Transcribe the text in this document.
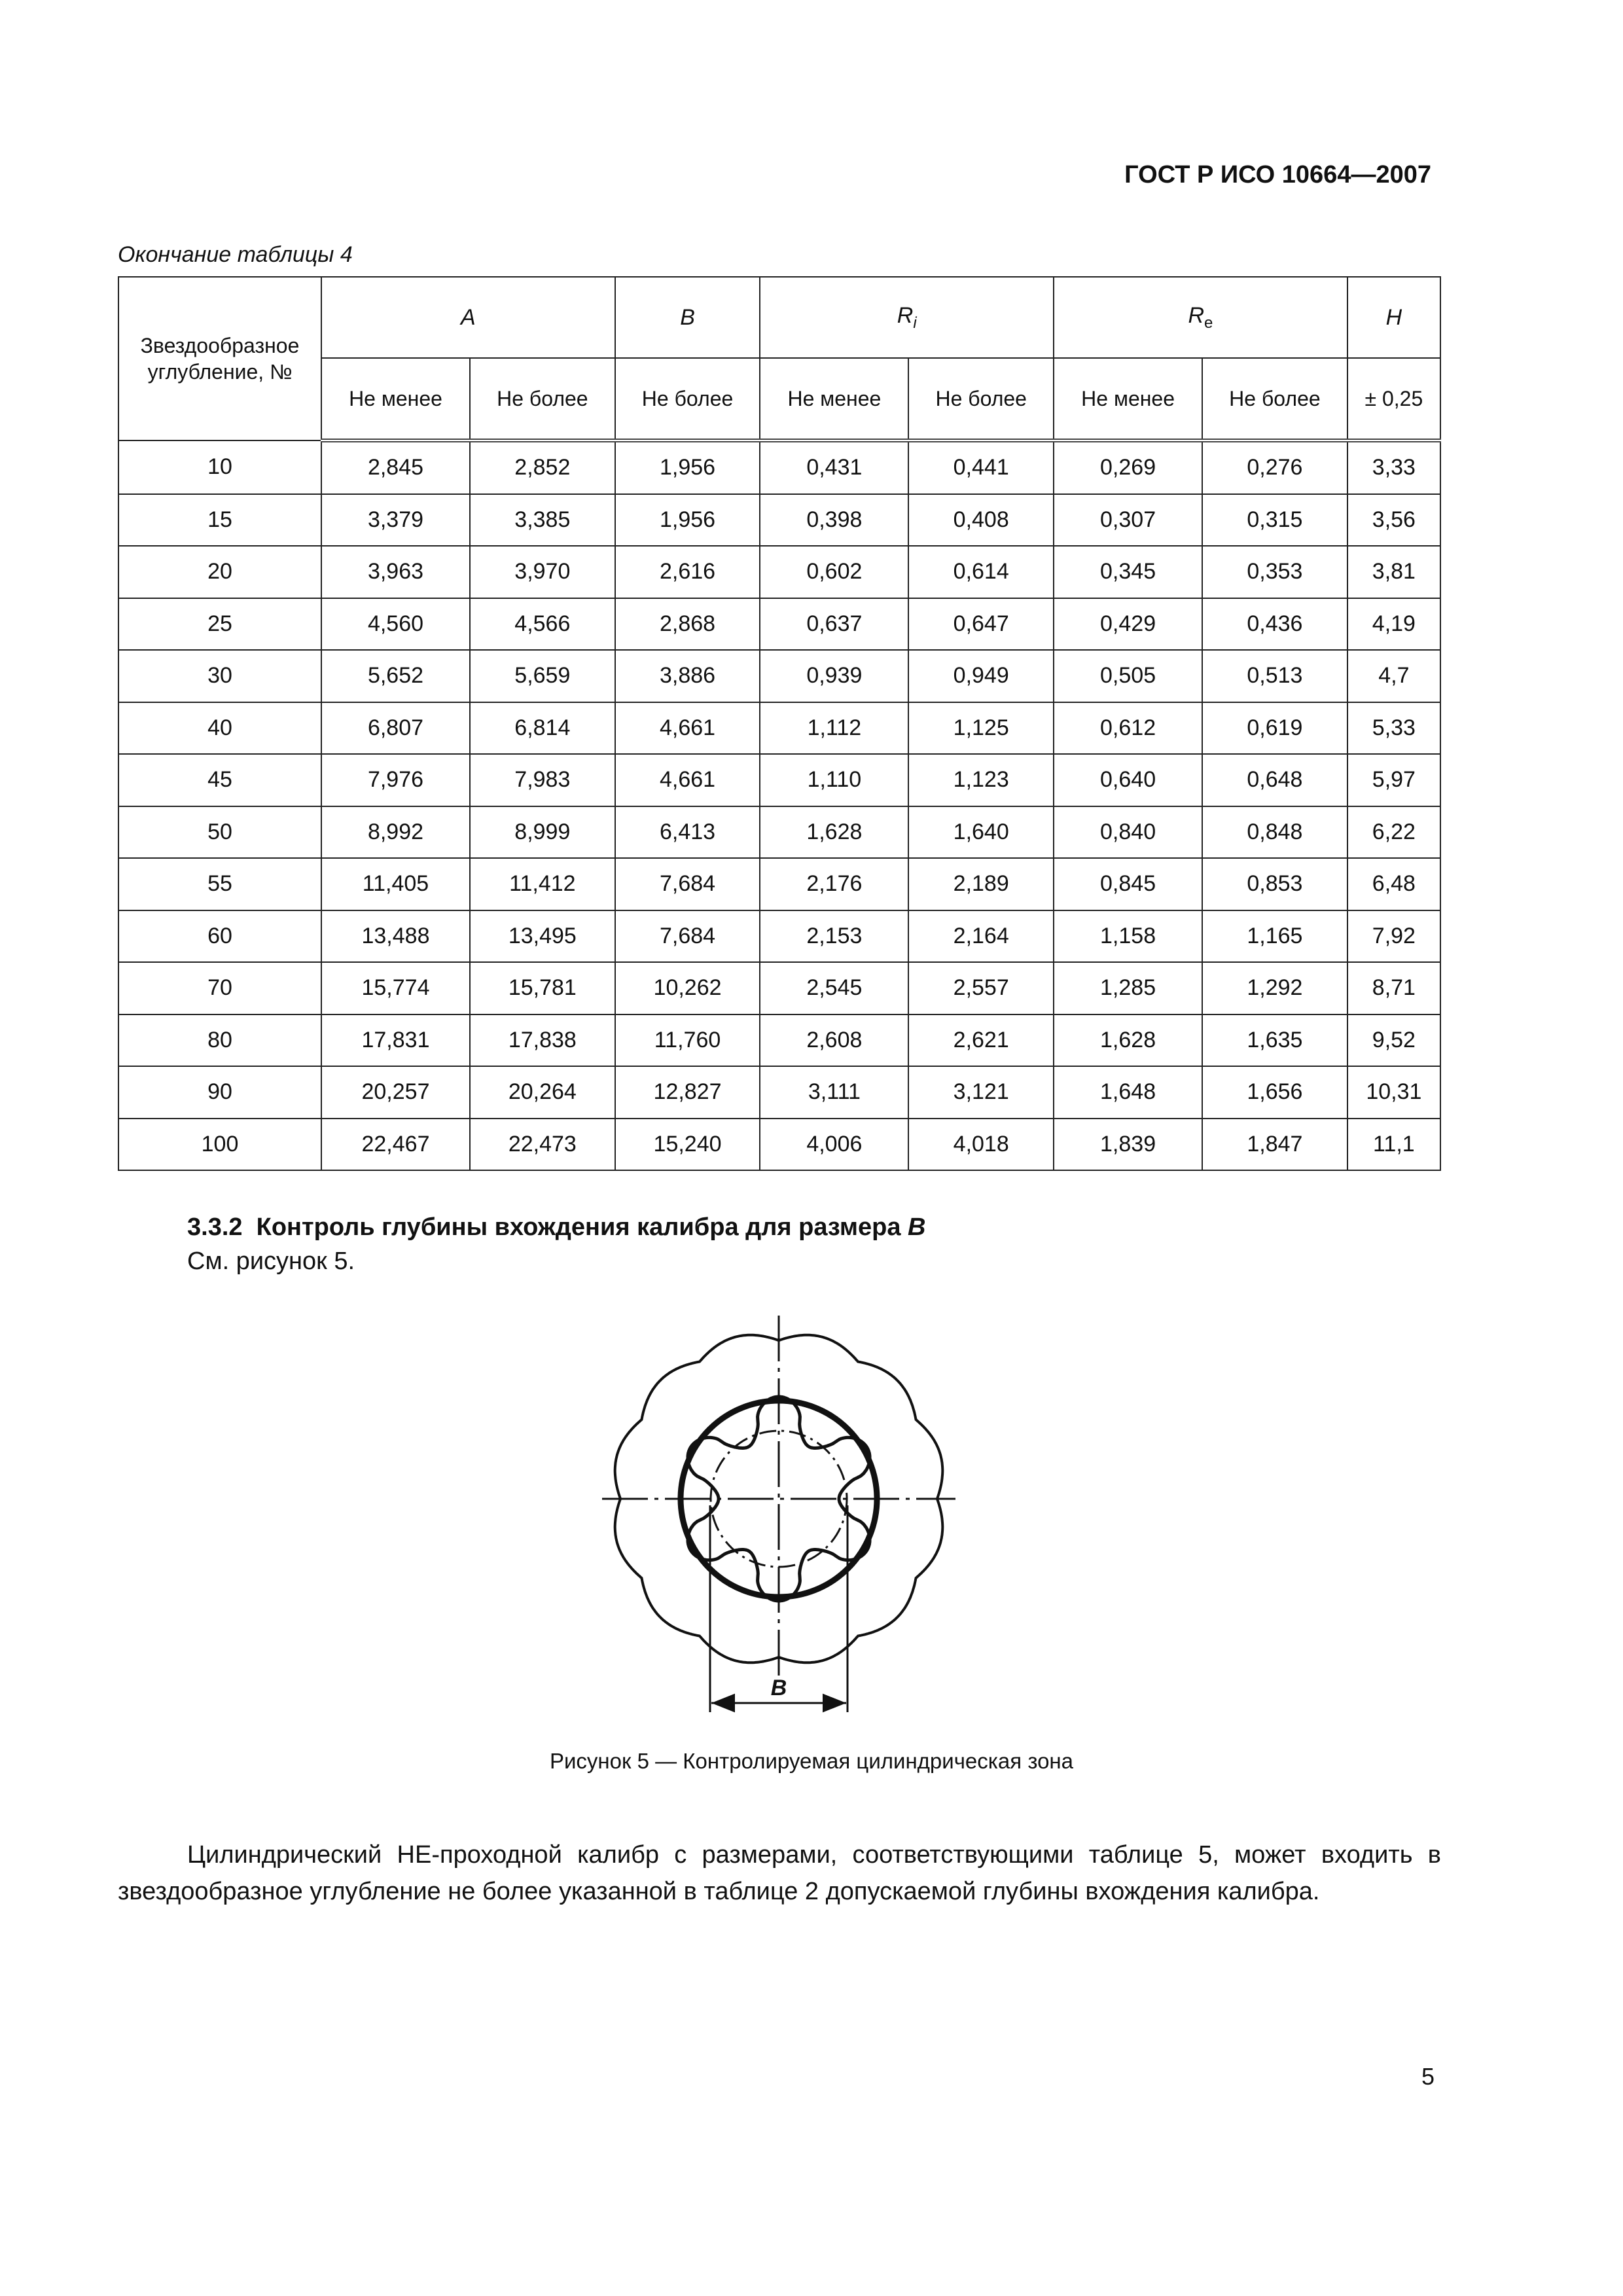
ГОСТ Р ИСО 10664—2007
Окончание таблицы 4
Звездообразное углубление, №	A		B	$R_i$		$R_e$		H
	Не менее	Не более	Не более	Не менее	Не более	Не менее	Не более	± 0,25
10	2,845	2,852	1,956	0,431	0,441	0,269	0,276	3,33
15	3,379	3,385	1,956	0,398	0,408	0,307	0,315	3,56
20	3,963	3,970	2,616	0,602	0,614	0,345	0,353	3,81
25	4,560	4,566	2,868	0,637	0,647	0,429	0,436	4,19
30	5,652	5,659	3,886	0,939	0,949	0,505	0,513	4,7
40	6,807	6,814	4,661	1,112	1,125	0,612	0,619	5,33
45	7,976	7,983	4,661	1,110	1,123	0,640	0,648	5,97
50	8,992	8,999	6,413	1,628	1,640	0,840	0,848	6,22
55	11,405	11,412	7,684	2,176	2,189	0,845	0,853	6,48
60	13,488	13,495	7,684	2,153	2,164	1,158	1,165	7,92
70	15,774	15,781	10,262	2,545	2,557	1,285	1,292	8,71
80	17,831	17,838	11,760	2,608	2,621	1,628	1,635	9,52
90	20,257	20,264	12,827	3,111	3,121	1,648	1,656	10,31
100	22,467	22,473	15,240	4,006	4,018	1,839	1,847	11,1
3.3.2 Контроль глубины вхождения калибра для размера B
См. рисунок 5.
B
Рисунок 5 — Контролируемая цилиндрическая зона
Цилиндрический НЕ-проходной калибр с размерами, соответствующими таблице 5, может входить в звездообразное углубление не более указанной в таблице 2 допускаемой глубины вхождения калибра.
5
